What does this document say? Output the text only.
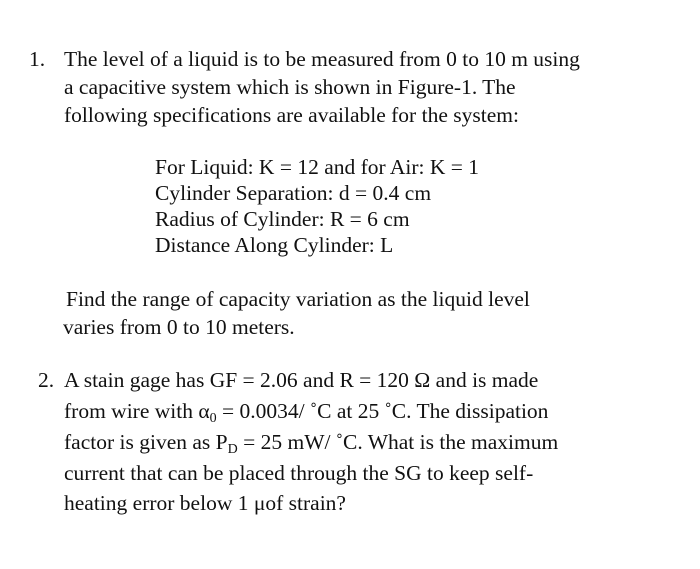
1. The level of a liquid is to be measured from 0 to 10 m using
a capacitive system which is shown in Figure-1. The
following specifications are available for the system:
For Liquid: K = 12 and for Air: K = 1
Cylinder Separation: d = 0.4 cm
Radius of Cylinder: R = 6 cm
Distance Along Cylinder: L
Find the range of capacity variation as the liquid level
varies from 0 to 10 meters.
2. A stain gage has GF = 2.06 and R = 120 Ω and is made
from wire with $\alpha_0 = 0.0034/$ ˚C at 25 ˚C. The dissipation
factor is given as $P_D = 25$ mW/ ˚C. What is the maximum
current that can be placed through the SG to keep self-
heating error below 1 μof strain?
